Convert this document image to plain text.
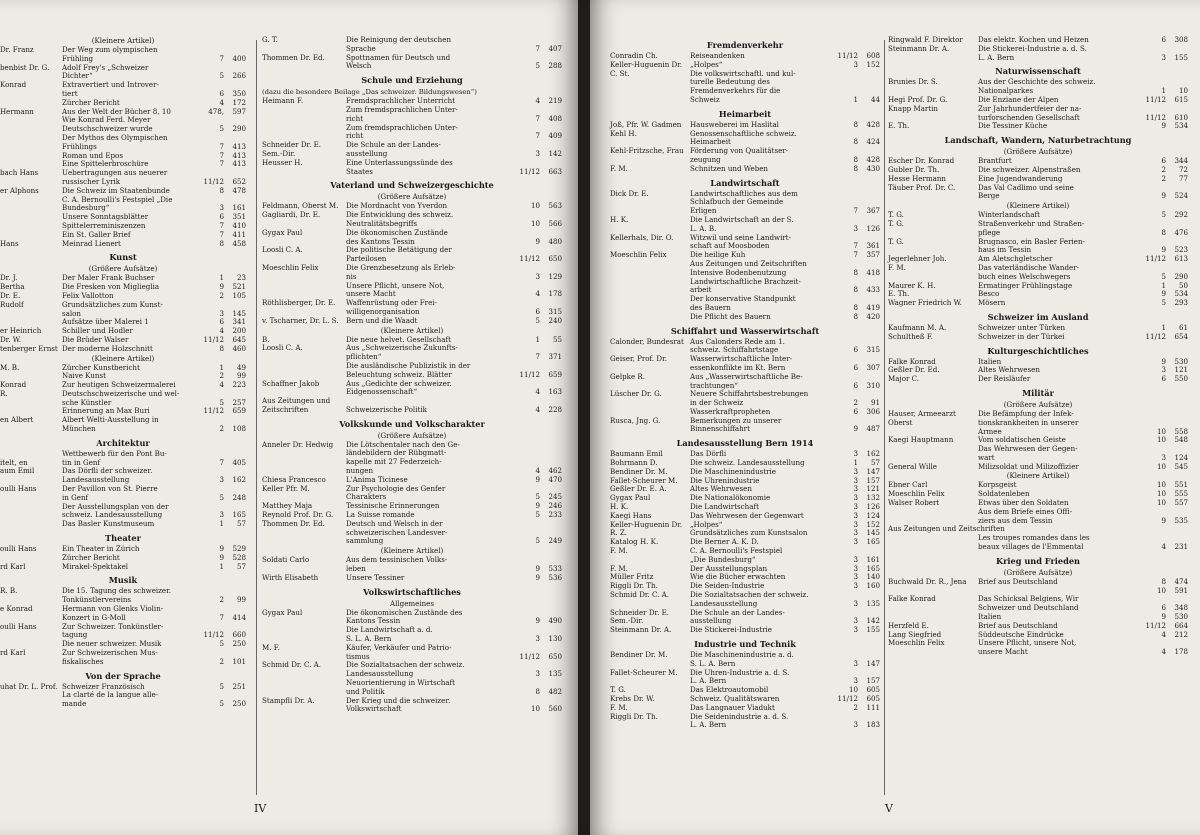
(Kleinere Artikel)
Dr. Franz	Der Weg zum olympischen
Frühling	7	400
benbist Dr. G.	Adolf Frey's „Schweizer
Dichter“	5	266
Konrad	Extravertiert und Introver-
tiert	6	350
Zürcher Bericht	4	172
Hermann	Aus der Welt der Bücher 8, 10	478,	597
Wie Konrad Ferd. Meyer
Deutschschweizer wurde	5	290
Der Mythos des Olympischen
Frühlings	7	413
Roman und Epos	7	413
Eine Spittelerbroschüre	7	413
bach Hans	Uebertragungen aus neuerer
russischer Lyrik	11/12	652
er Alphons	Die Schweiz im Staatenbunde	8	478
C. A. Bernoulli's Festspiel „Die
Bundesburg“	3	161
Unsere Sonntagsblätter	6	351
Spittelerreminiszenzen	7	410
Ein St. Galler Brief	7	411
Hans	Meinrad Lienert	8	458
Kunst
(Größere Aufsätze)
Dr. J.	Der Maler Frank Buchser	1	23
Bertha	Die Fresken von Miglieglia	9	521
Dr. E.	Felix Vallotton	2	105
Rudolf	Grundsätzliches zum Kunst-
salon	3	145
Aufsätze über Malerei 1	6	341
er Heinrich	Schiller und Hodler	4	200
Dr. W.	Die Brüder Walser	11/12	645
tenberger Ernst Der moderne Holzschnitt	8	460
(Kleinere Artikel)
M. B.	Zürcher Kunstbericht	1	49
Naive Kunst	2	99
Konrad	Zur heutigen Schweizermalerei	4	223
R.	Deutschschweizerische und wel-
sche Künstler	5	257
Erinnerung an Max Buri	11/12	659
en Albert	Albert Welti-Ausstellung in
München	2	108
Architektur
Wettbewerb für den Pont Bu-
itelt, en	tin in Genf	7	405
aum Emil	Das Dörfli der schweizer.
Landesausstellung	3	162
oulli Hans	Der Pavillon von St. Pierre
in Genf	5	248
Der Ausstellungsplan von der
schweiz. Landesausstellung	3	165
Das Basler Kunstmuseum	1	57
Theater
oulli Hans	Ein Theater in Zürich	9	529
Zürcher Bericht	9	528
rd Karl	Mirakel-Spektakel	1	57
Musik
R. B.	Die 15. Tagung des schweizer.
Tonkünstlervereins	2	99
e Konrad	Hermann von Glenks Violin-
Konzert in G-Moll	7	414
oulli Hans	Zur Schweizer. Tonkünstler-
tagung	11/12	660
Die neuer schweizer. Musik	5	250
rd Karl	Zur Schweizerischen Mus-
fiskalisches	2	101
Von der Sprache
uhat Dr. L. Prof. Schweizer Französisch	5	251
La clarté de la langue alle-
mande	5	250
G. T.	Die Reinigung der deutschen
Sprache	7	407
Thommen Dr. Ed.	Spottnamen für Deutsch und
Welsch	5	288
Schule und Erziehung
(dazu die besondere Beilage „Das schweizer. Bildungswesen“)
Heimann F.	Fremdsprachlicher Unterricht	4	219
Zum fremdsprachlichen Unter-
richt	7	408
Zum fremdsprachlichen Unter-
richt	7	409
Schneider Dr. E.	Die Schule an der Landes-
Sem.-Dir.	ausstellung	3	142
Heusser H.	Eine Unterlassungssünde des
Staates	11/12	663
Vaterland und Schweizergeschichte
(Größere Aufsätze)
Feldmann, Oberst M.	Die Mordnacht von Yverdon	10	563
Gagliardi, Dr. E.	Die Entwicklung des schweiz.
Neutralitätsbegriffs	10	566
Gygax Paul	Die ökonomischen Zustände
des Kantons Tessin	9	480
Loosli C. A.	Die politische Betätigung der
Parteilosen	11/12	650
Moeschlin Felix	Die Grenzbesetzung als Erleb-
nis	3	129
Unsere Pflicht, unsere Not,
unsere Macht	4	178
Röthlisberger, Dr. E.	Waffenrüstung oder Frei-
willigenorganisation	6	315
v. Tscharner, Dr. L. S.	Bern und die Waadt	5	240
(Kleinere Artikel)
B.	Die neue helvet. Gesellschaft	1	55
Loosli C. A.	Aus „Schweizerische Zukunfts-
pflichten“	7	371
Die ausländische Publizistik in der
Beleuchtung schweiz. Blätter	11/12	659
Schaffner Jakob	Aus „Gedichte der schweizer.
Eidgenossenschaft“	4	163
Aus Zeitungen und
Zeitschriften	Schweizerische Politik	4	228
Volkskunde und Volkscharakter
(Größere Aufsätze)
Anneler Dr. Hedwig	Die Lötschentaler nach den Ge-
ländebildern der Rübgmatt-
kapelle mit 27 Federzeich-
nungen	4	462
Chiesa Francesco	L'Anima Ticinese	9	470
Keller Pfr. M.	Zur Psychologie des Genfer
Charakters	5	245
Matthey Maja	Tessinische Erinnerungen	9	246
Reynold Prof. Dr. G.	La Suisse romande	5	233
Thommen Dr. Ed.	Deutsch und Welsch in der
schweizerischen Landesver-
sammlung	5	249
(Kleinere Artikel)
Soldati Carlo	Aus dem tessinischen Volks-
leben	9	533
Wirth Elisabeth	Unsere Tessiner	9	536
Volkswirtschaftliches
Allgemeines
Gygax Paul	Die ökonomischen Zustände des
Kantons Tessin	9	490
Die Landwirtschaft a. d.
S. L. A. Bern	3	130
M. F.	Käufer, Verkäufer und Patrio-
tismus	11/12	650
Schmid Dr. C. A.	Die Sozialtatsachen der schweiz.
Landesausstellung	3	135
Neuorientierung in Wirtschaft
und Politik	8	482
Stampfli Dr. A.	Der Krieg und die schweizer.
Volkswirtschaft	10	560
IV
Fremdenverkehr
Conradin Ch.	Reiseandenken	11/12	608
Keller-Huguenin Dr.	„Holpes“	3	152
C. St.	Die volkswirtschaftl. und kul-
turelle Bedeutung des
Fremdenverkehrs für die
Schweiz	1	44
Heimarbeit
Joß, Pfr. W. Gadmen	Hausweberei im Haslital	8	428
Kehl H.	Genossenschaftliche schweiz.
Heimarbeit	8	424
Kehl-Fritzsche, Frau Förderung von Qualitätser-
zeugung	8	428
F. M.	Schnitzen und Weben	8	430
Landwirtschaft
Dick Dr. E.	Landwirtschaftliches aus dem
Schlafbuch der Gemeinde
Erligen	7	367
H. K.	Die Landwirtschaft an der S.
L. A. B.	3	126
Kellerhals, Dir. O.	Witzwil und seine Landwirt-
schaft auf Moosboden	7	361
Moeschlin Felix	Die heilige Kuh	7	357
Aus Zeitungen und Zeitschriften
Intensive Bodenbenutzung	8	418
Landwirtschaftliche Brachzeit-
arbeit	8	433
Der konservative Standpunkt
des Bauern	8	419
Die Pflicht des Bauern	8	420
Schiffahrt und Wasserwirtschaft
Calonder, Bundesrat Aus Calonders Rede am 1.
schweiz. Schiffahrtstage	6	315
Geiser, Prof. Dr.	Wasserwirtschaftliche Inter-
essenkonflikte im Kt. Bern	6	307
Gelpke R.	Aus „Wasserwirtschaftliche Be-
trachtungen“	6	310
Lüscher Dr. G.	Neuere Schiffahrtsbestrebungen
in der Schweiz	2	91
Wasserkraftpropheten	6	306
Rusca, Jng. G.	Bemerkungen zu unserer
Binnenschiffahrt	9	487
Landesausstellung Bern 1914
Baumann Emil	Das Dörfli	3	162
Bohrmann D.	Die schweiz. Landesausstellung	1	57
Bendiner Dr. M.	Die Maschinenindustrie	3	147
Fallet-Scheurer M.	Die Uhrenindustrie	3	157
Geßler Dr. E. A.	Altes Wehrwesen	3	121
Gygax Paul	Die Nationalökonomie	3	132
H. K.	Die Landwirtschaft	3	126
Kaegi Hans	Das Wehrwesen der Gegenwart	3	124
Keller-Huguenin Dr.	„Holpes“	3	152
R. Z.	Grundsätzliches zum Kunstsalon	3	145
Katalog H. K.	Die Berner A. K. D.	3	165
F. M.	C. A. Bernoulli's Festspiel
„Die Bundesburg“	3	161
F. M.	Der Ausstellungsplan	3	165
Müller Fritz	Wie die Bücher erwachten	3	140
Riggli Dr. Th.	Die Seiden-Industrie	3	160
Schmid Dr. C. A.	Die Sozialtatsachen der schweiz.
Landesausstellung	3	135
Schneider Dr. E.	Die Schule an der Landes-
Sem.-Dir.	ausstellung	3	142
Steinmann Dr. A.	Die Stickerei-Industrie	3	155
Industrie und Technik
Bendiner Dr. M.	Die Maschinenindustrie a. d.
S. L. A. Bern	3	147
Fallet-Scheurer M.	Die Uhren-Industrie a. d. S.
L. A. Bern	3	157
T. G.	Das Elektroautomobil	10	605
Krebs Dr. W.	Schweiz. Qualitätswaren	11/12	605
F. M.	Das Langnauer Viadukt	2	111
Riggli Dr. Th.	Die Seidenindustrie a. d. S.
L. A. Bern	3	183
Ringwald F. Direktor	Das elektr. Kochen und Heizen	6	308
Steinmann Dr. A.	Die Stickerei-Industrie a. d. S.
L. A. Bern	3	155
Naturwissenschaft
Brunies Dr. S.	Aus der Geschichte des schweiz.
Nationalparkes	1	10
Hegi Prof. Dr. G.	Die Enziane der Alpen	11/12	615
Knapp Martin	Zur Jahrhundertfeier der na-
turforschenden Gesellschaft	11/12	610
E. Th.	Die Tessiner Küche	9	534
Landschaft, Wandern, Naturbetrachtung
(Größere Aufsätze)
Escher Dr. Konrad	Brantfurt	6	344
Gubler Dr. Th.	Die schweizer. Alpenstraßen	2	72
Hesse Hermann	Eine Jugendwanderung	2	77
Täuber Prof. Dr. C.	Das Val Cadlimo und seine
Berge	9	524
(Kleinere Artikel)
T. G.	Winterlandschaft	5	292
T. G.	Straßenverkehr und Straßen-
pflege	8	476
T. G.	Brugnasco, ein Basler Ferien-
haus im Tessin	9	523
Jegerlehner Joh.	Am Aletschgletscher	11/12	613
F. M.	Das vaterländische Wander-
buch eines Welschwegers	5	290
Maurer K. H.	Ermatinger Frühlingstage	1	50
E. Th.	Besco	9	534
Wagner Friedrich W.	Mösern	5	293
Schweizer im Ausland
Kaufmann M. A.	Schweizer unter Türken	1	61
Schultheß F.	Schweizer in der Türkei	11/12	654
Kulturgeschichtliches
Falke Konrad	Italien	9	530
Geßler Dr. Ed.	Altes Wehrwesen	3	121
Major C.	Der Reisläufer	6	550
Militär
(Größere Aufsätze)
Hauser, Armeearzt	Die Befämpfung der Infek-
Oberst	tionskrankheiten in unserer
Armee	10	558
Kaegi Hauptmann	Vom soldatischen Geiste	10	548
Das Wehrwesen der Gegen-
wart	3	124
General Wille	Milizsoldat und Milizoffizier	10	545
(Kleinere Artikel)
Ebner Carl	Korpsgeist	10	551
Moeschlin Felix	Soldatenleben	10	555
Walser Robert	Etwas über den Soldaten	10	557
Aus dem Briefe eines Offi-
ziers aus dem Tessin	9	535
Aus Zeitungen und Zeitschriften
Les troupes romandes dans les
beaux villages de l'Emmental	4	231
Krieg und Frieden
(Größere Aufsätze)
Buchwald Dr. R., Jena	Brief aus Deutschland	8	474
10	591
Falke Konrad	Das Schicksal Belgiens, Wir
Schweizer und Deutschland	6	348
Italien	9	530
Herzfeld E.	Brief aus Deutschland	11/12	664
Lang Siegfried	Süddeutsche Eindrücke	4	212
Moeschlin Felix	Unsere Pflicht, unsere Not,
unsere Macht	4	178
V
